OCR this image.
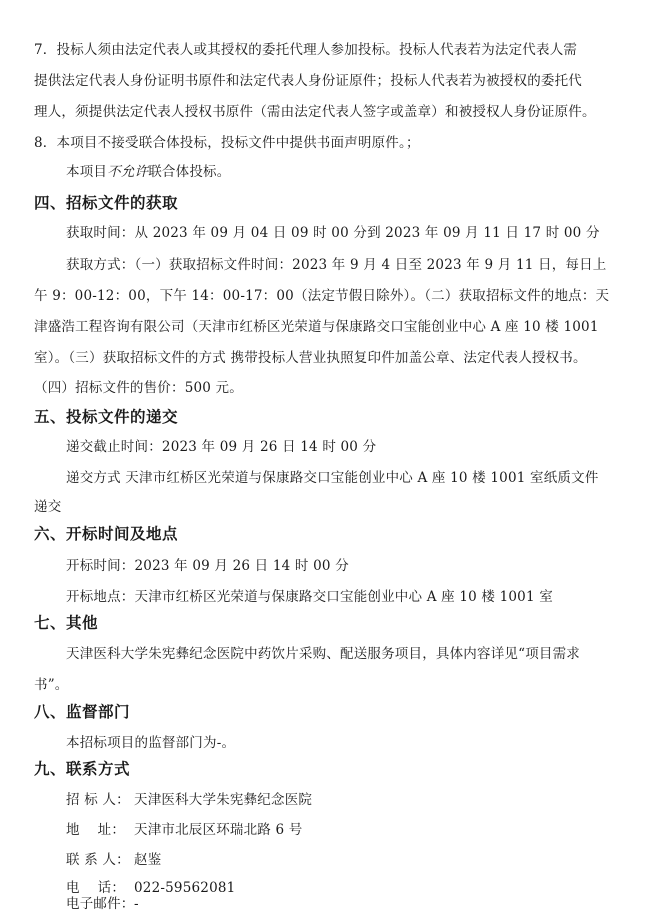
7．投标人须由法定代表人或其授权的委托代理人参加投标。投标人代表若为法定代表人需
提供法定代表人身份证明书原件和法定代表人身份证原件；投标人代表若为被授权的委托代
理人，须提供法定代表人授权书原件（需由法定代表人签字或盖章）和被授权人身份证原件。
8．本项目不接受联合体投标，投标文件中提供书面声明原件。；
本项目不允许联合体投标。
四、招标文件的获取
获取时间：从 2023 年 09 月 04 日 09 时 00 分到 2023 年 09 月 11 日 17 时 00 分
获取方式：（一）获取招标文件时间：2023 年 9 月 4 日至 2023 年 9 月 11 日，每日上
午 9：00-12：00，下午 14：00-17：00（法定节假日除外）。（二）获取招标文件的地点：天
津盛浩工程咨询有限公司（天津市红桥区光荣道与保康路交口宝能创业中心 A 座 10 楼 1001
室）。（三）获取招标文件的方式 携带投标人营业执照复印件加盖公章、法定代表人授权书。
（四）招标文件的售价：500 元。
五、投标文件的递交
递交截止时间：2023 年 09 月 26 日 14 时 00 分
递交方式 天津市红桥区光荣道与保康路交口宝能创业中心 A 座 10 楼 1001 室纸质文件
递交
六、开标时间及地点
开标时间：2023 年 09 月 26 日 14 时 00 分
开标地点：天津市红桥区光荣道与保康路交口宝能创业中心 A 座 10 楼 1001 室
七、其他
天津医科大学朱宪彝纪念医院中药饮片采购、配送服务项目，具体内容详见“项目需求
书”。
八、监督部门
本招标项目的监督部门为-。
九、联系方式
招 标 人： 天津医科大学朱宪彝纪念医院
地    址： 天津市北辰区环瑞北路 6 号
联 系 人： 赵鉴
电    话： 022-59562081
电子邮件：-
